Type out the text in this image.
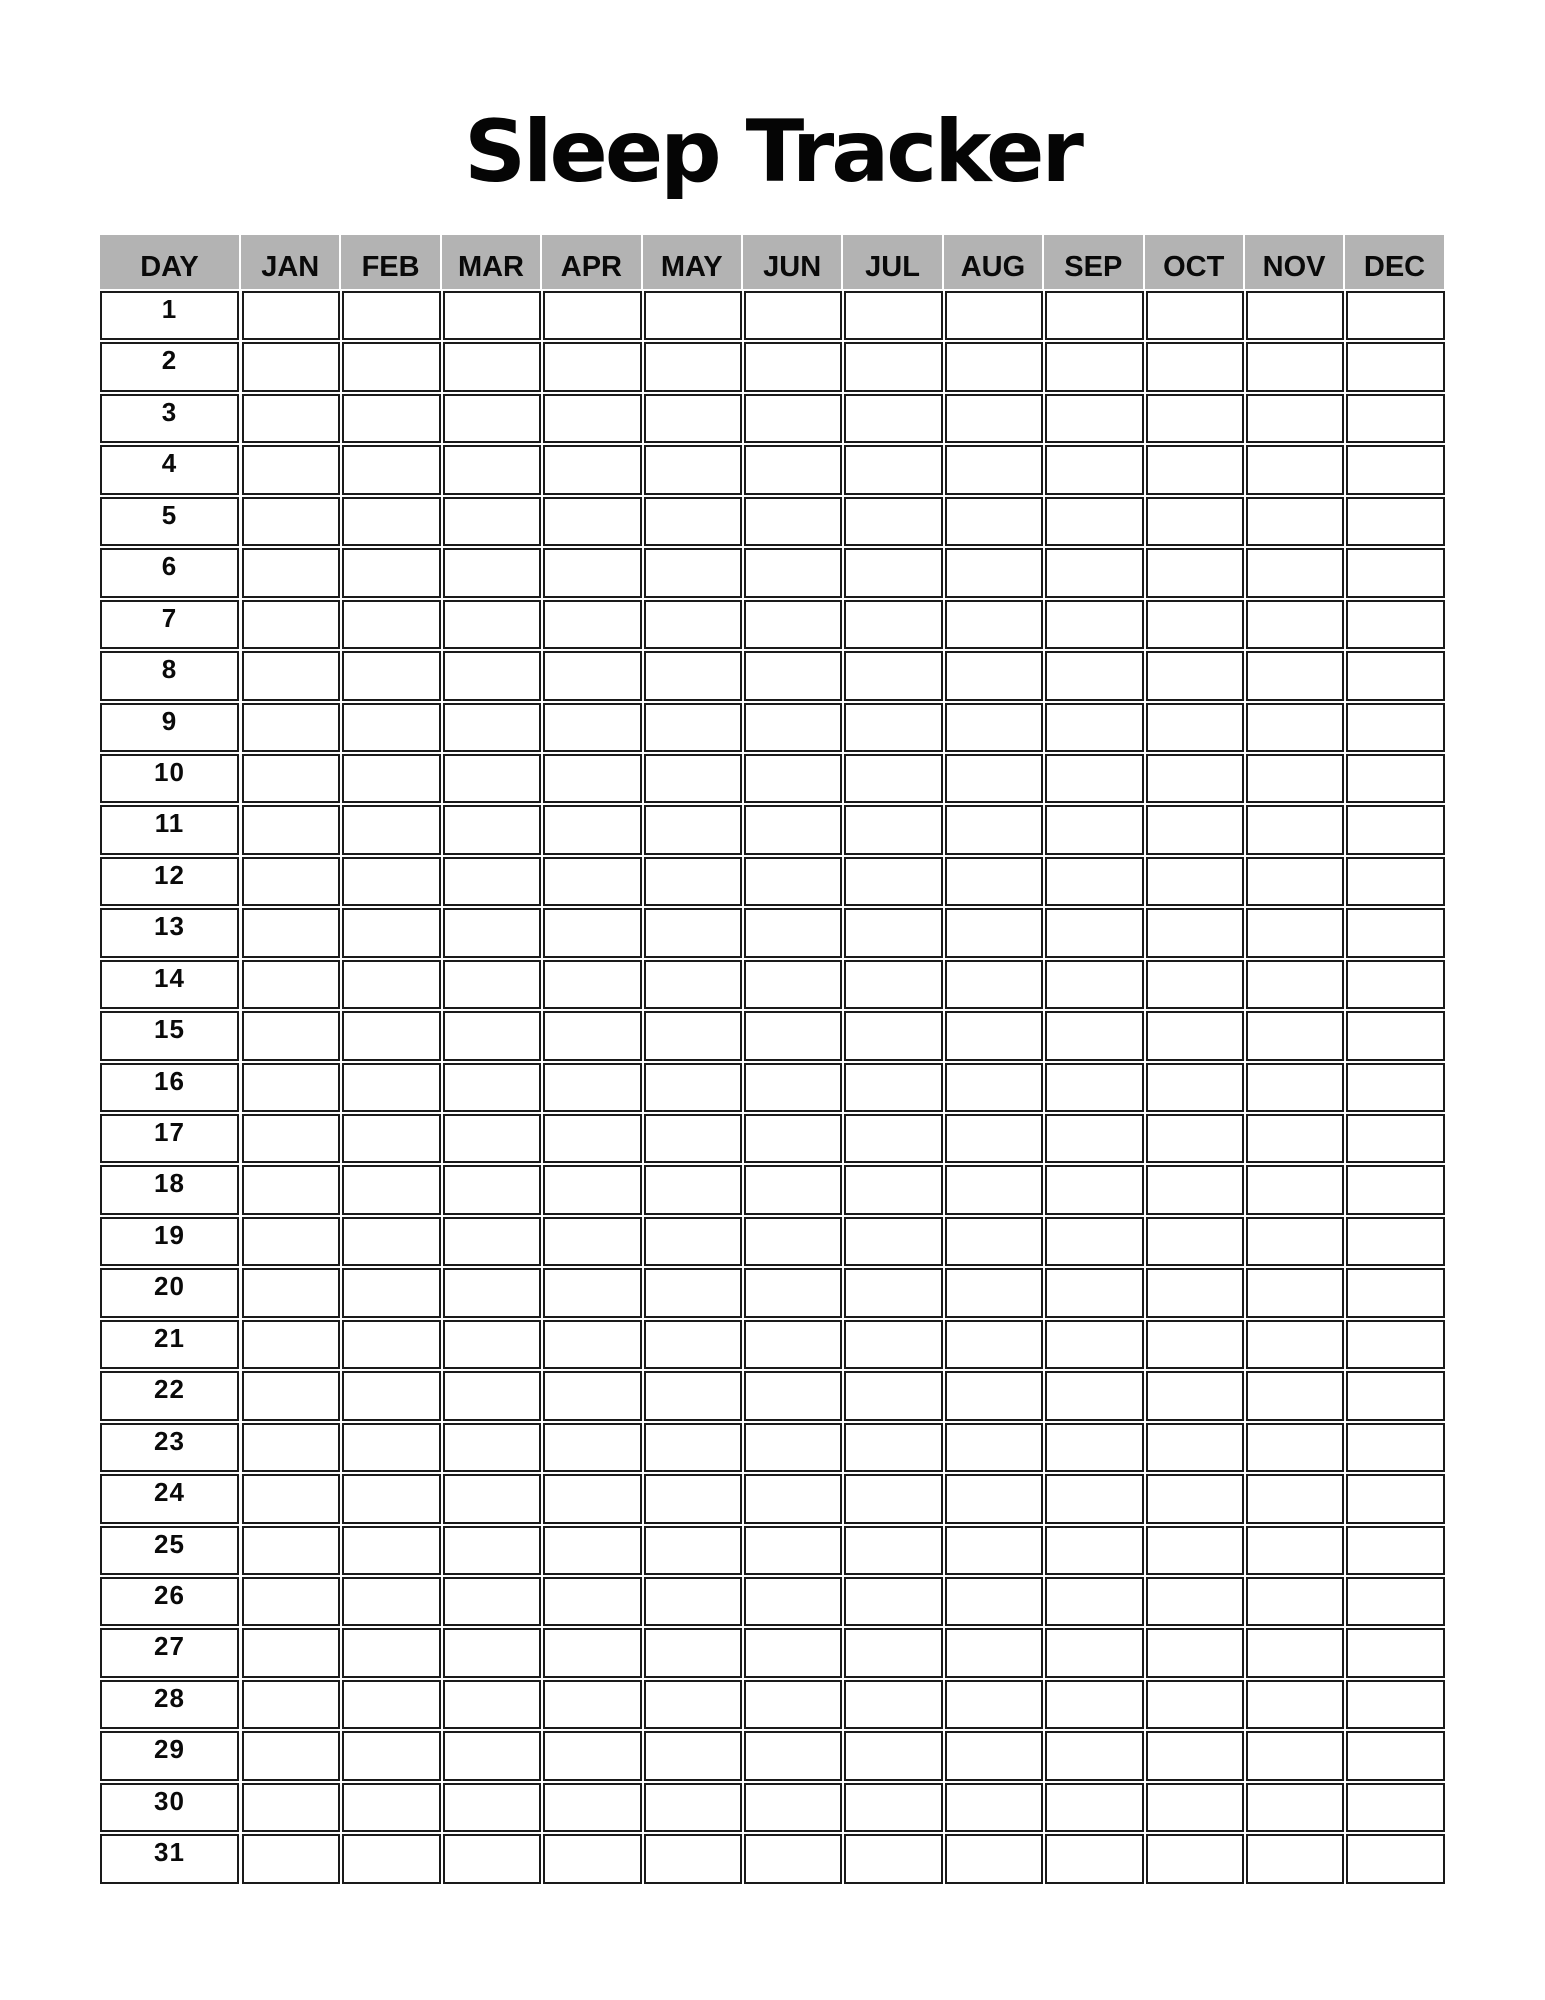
Sleep Tracker
DAY	JAN	FEB	MAR	APR	MAY	JUN	JUL	AUG	SEP	OCT	NOV	DEC
1
2
3
4
5
6
7
8
9
10
11
12
13
14
15
16
17
18
19
20
21
22
23
24
25
26
27
28
29
30
31
